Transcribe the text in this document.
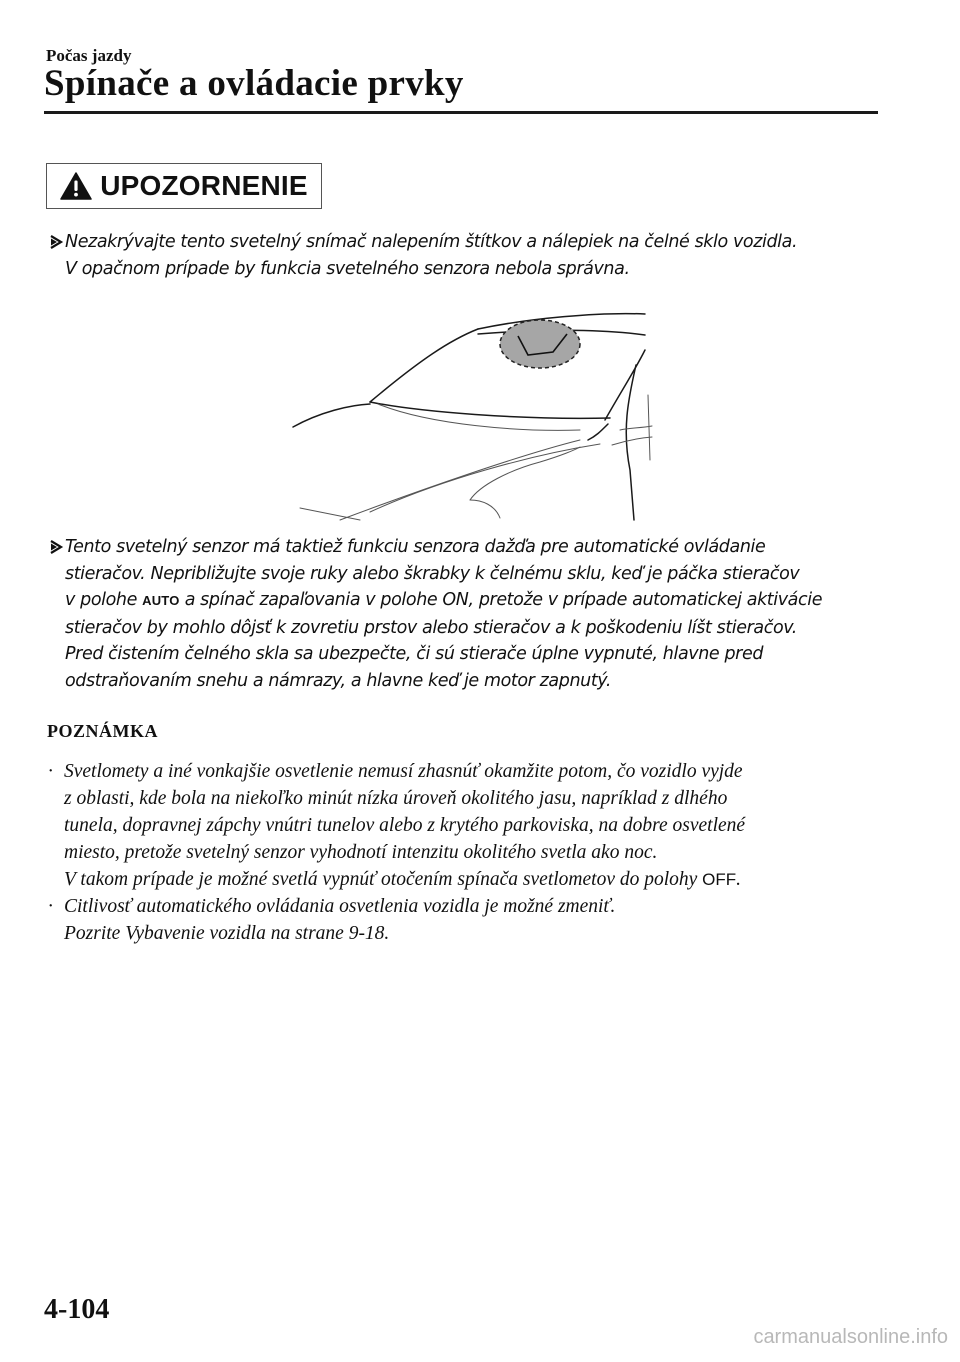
Počas jazdy
Spínače a ovládacie prvky
UPOZORNENIE
Nezakrývajte tento svetelný snímač nalepením štítkov a nálepiek na čelné sklo vozidla.
V opačnom prípade by funkcia svetelného senzora nebola správna.
Tento svetelný senzor má taktiež funkciu senzora dažďa pre automatické ovládanie
stieračov. Nepribližujte svoje ruky alebo škrabky k čelnému sklu, keď je páčka stieračov
v polohe AUTO a spínač zapaľovania v polohe ON, pretože v prípade automatickej aktivácie
stieračov by mohlo dôjsť k zovretiu prstov alebo stieračov a k poškodeniu líšt stieračov.
Pred čistením čelného skla sa ubezpečte, či sú stierače úplne vypnuté, hlavne pred
odstraňovaním snehu a námrazy, a hlavne keď je motor zapnutý.
POZNÁMKA
· Svetlomety a iné vonkajšie osvetlenie nemusí zhasnúť okamžite potom, čo vozidlo vyjde
z oblasti, kde bola na niekoľko minút nízka úroveň okolitého jasu, napríklad z dlhého
tunela, dopravnej zápchy vnútri tunelov alebo z krytého parkoviska, na dobre osvetlené
miesto, pretože svetelný senzor vyhodnotí intenzitu okolitého svetla ako noc.
V takom prípade je možné svetlá vypnúť otočením spínača svetlometov do polohy OFF.
· Citlivosť automatického ovládania osvetlenia vozidla je možné zmeniť.
Pozrite Vybavenie vozidla na strane 9-18.
4-104
carmanualsonline.info
